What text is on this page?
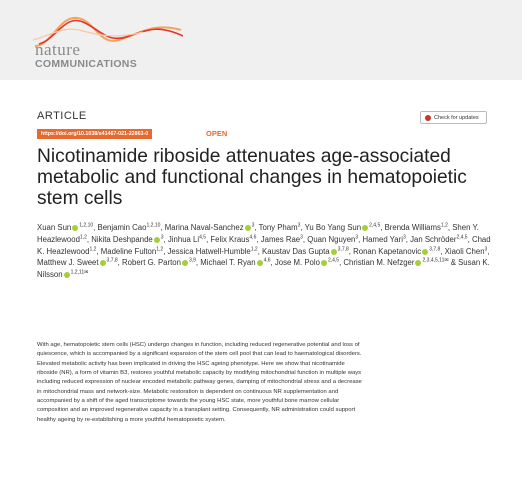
nature
COMMUNICATIONS
ARTICLE	Check for updates
https://doi.org/10.1038/s41467-021-22863-0	OPEN
Nicotinamide riboside attenuates age-associated metabolic and functional changes in hematopoietic stem cells
Xuan Sun $^{1,2,10}$, Benjamin Cao$^{1,2,10}$, Marina Naval-Sanchez $^3$, Tony Pham$^3$, Yu Bo Yang Sun $^{2,4,5}$, Brenda Williams$^{1,2}$, Shen Y. Heazlewood$^{1,2}$, Nikita Deshpande $^3$, Jinhua Li$^{4,5}$, Felix Kraus$^{4,6}$, James Rae$^3$, Quan Nguyen$^3$, Hamed Yari$^3$, Jan Schröder$^{2,4,5}$, Chad K. Heazlewood$^{1,2}$, Madeline Fulton$^{1,2}$, Jessica Hatwell-Humble$^{1,2}$, Kaustav Das Gupta $^{3,7,8}$, Ronan Kapetanovic $^{3,7,8}$, Xiaoli Chen$^3$, Matthew J. Sweet $^{3,7,8}$, Robert G. Parton $^{3,9}$, Michael T. Ryan $^{4,6}$, Jose M. Polo $^{2,4,5}$, Christian M. Nefzger $^{2,3,4,5,11✉}$ & Susan K. Nilsson $^{1,2,11✉}$

With age, hematopoietic stem cells (HSC) undergo changes in function, including reduced regenerative potential and loss of quiescence, which is accompanied by a significant expansion of the stem cell pool that can lead to haematological disorders. Elevated metabolic activity has been implicated in driving the HSC ageing phenotype. Here we show that nicotinamide riboside (NR), a form of vitamin B3, restores youthful metabolic capacity by modifying mitochondrial function in multiple ways including reduced expression of nuclear encoded metabolic pathway genes, damping of mitochondrial stress and a decrease in mitochondrial mass and network-size. Metabolic restoration is dependent on continuous NR supplementation and accompanied by a shift of the aged transcriptome towards the young HSC state, more youthful bone marrow cellular composition and an improved regenerative capacity in a transplant setting. Consequently, NR administration could support healthy ageing by re-establishing a more youthful hematopoietic system.
